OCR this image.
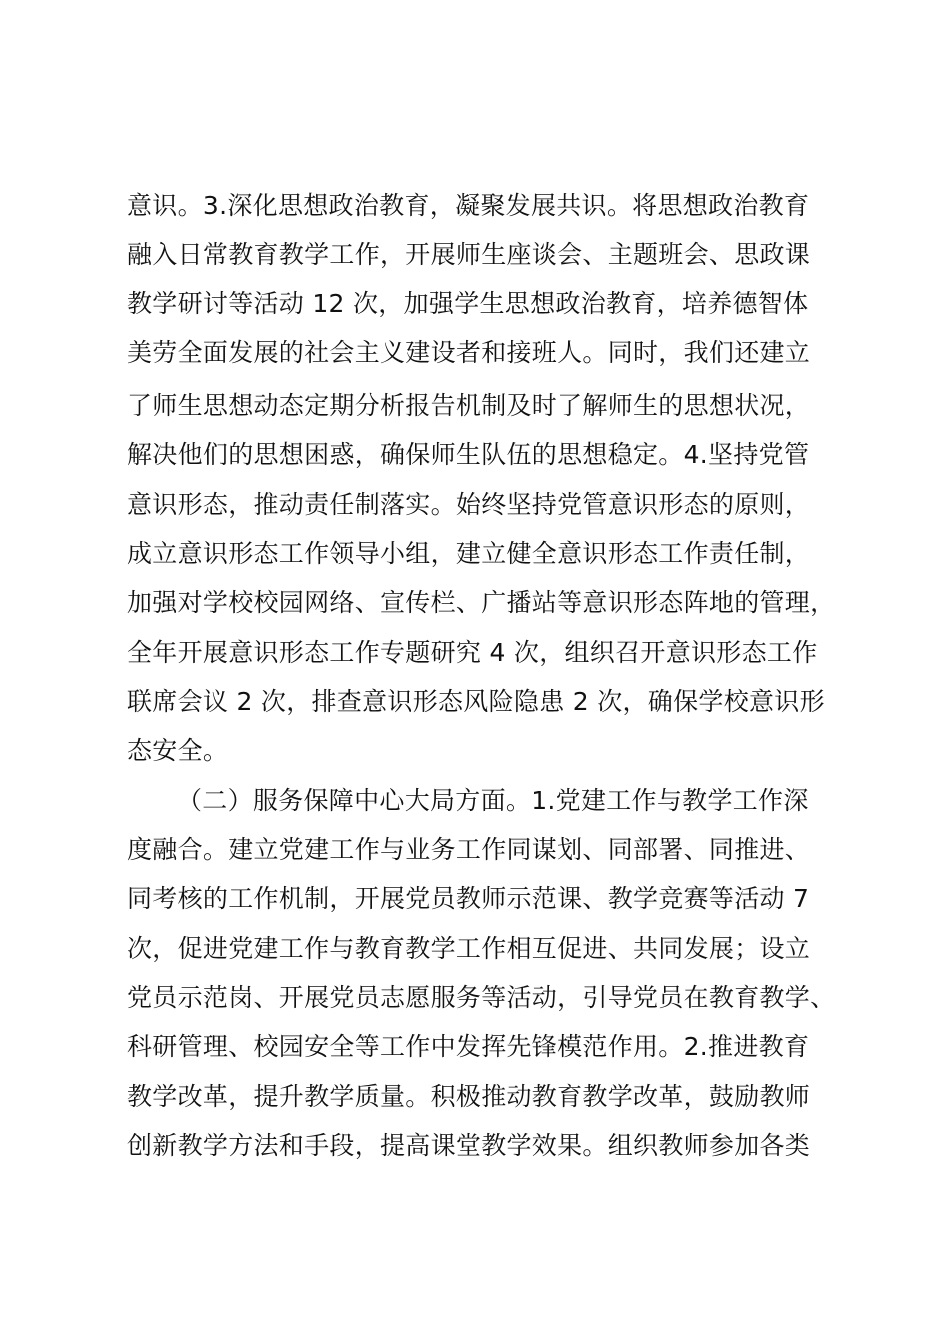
意识。3.深化思想政治教育，凝聚发展共识。将思想政治教育
融入日常教育教学工作，开展师生座谈会、主题班会、思政课
教学研讨等活动 12 次，加强学生思想政治教育，培养德智体
美劳全面发展的社会主义建设者和接班人。同时，我们还建立
了师生思想动态定期分析报告机制及时了解师生的思想状况，
解决他们的思想困惑，确保师生队伍的思想稳定。4.坚持党管
意识形态，推动责任制落实。始终坚持党管意识形态的原则，
成立意识形态工作领导小组，建立健全意识形态工作责任制，
加强对学校校园网络、宣传栏、广播站等意识形态阵地的管理，
全年开展意识形态工作专题研究 4 次，组织召开意识形态工作
联席会议 2 次，排查意识形态风险隐患 2 次，确保学校意识形
态安全。
（二）服务保障中心大局方面。1.党建工作与教学工作深
度融合。建立党建工作与业务工作同谋划、同部署、同推进、
同考核的工作机制，开展党员教师示范课、教学竞赛等活动 7
次，促进党建工作与教育教学工作相互促进、共同发展；设立
党员示范岗、开展党员志愿服务等活动，引导党员在教育教学、
科研管理、校园安全等工作中发挥先锋模范作用。2.推进教育
教学改革，提升教学质量。积极推动教育教学改革，鼓励教师
创新教学方法和手段，提高课堂教学效果。组织教师参加各类
